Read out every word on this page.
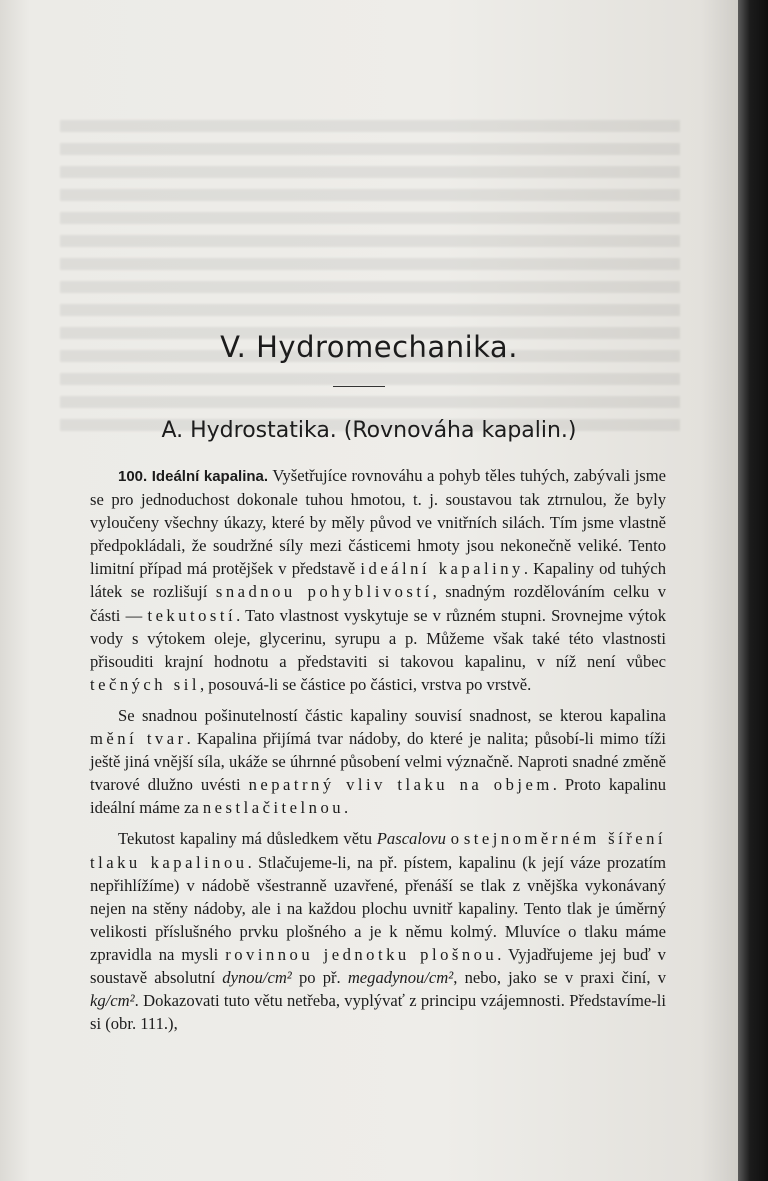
V. Hydromechanika.
A. Hydrostatika. (Rovnováha kapalin.)

100. Ideální kapalina. Vyšetřujíce rovnováhu a pohyb těles tuhých, zabývali jsme se pro jednoduchost dokonale tuhou hmotou, t. j. soustavou tak ztrnulou, že byly vyloučeny všechny úkazy, které by měly původ ve vnitřních silách. Tím jsme vlastně předpokládali, že soudržné síly mezi částicemi hmoty jsou nekonečně veliké. Tento limitní případ má protějšek v představě ideální kapaliny. Kapaliny od tuhých látek se rozlišují snadnou pohyblivostí, snadným rozdělováním celku v části — tekutostí. Tato vlastnost vyskytuje se v různém stupni. Srovnejme výtok vody s výtokem oleje, glycerinu, syrupu a p. Můžeme však také této vlastnosti přisouditi krajní hodnotu a představiti si takovou kapalinu, v níž není vůbec tečných sil, posouvá-li se částice po částici, vrstva po vrstvě.

Se snadnou pošinutelností částic kapaliny souvisí snadnost, se kterou kapalina mění tvar. Kapalina přijímá tvar nádoby, do které je nalita; působí-li mimo tíži ještě jiná vnější síla, ukáže se úhrnné působení velmi význačně. Naproti snadné změně tvarové dlužno uvésti nepatrný vliv tlaku na objem. Proto kapalinu ideální máme za nestlačitelnou.

Tekutost kapaliny má důsledkem větu Pascalovu o stejnoměrném šíření tlaku kapalinou. Stlačujeme-li, na př. pístem, kapalinu (k její váze prozatím nepřihlížíme) v nádobě všestranně uzavřené, přenáší se tlak z vnějška vykonávaný nejen na stěny nádoby, ale i na každou plochu uvnitř kapaliny. Tento tlak je úměrný velikosti příslušného prvku plošného a je k němu kolmý. Mluvíce o tlaku máme zpravidla na mysli rovinnou jednotku plošnou. Vyjadřujeme jej buď v soustavě absolutní dynou/cm² po př. megadynou/cm², nebo, jako se v praxi činí, v kg/cm². Dokazovati tuto větu netřeba, vyplývať z principu vzájemnosti. Představíme-li si (obr. 111.),
